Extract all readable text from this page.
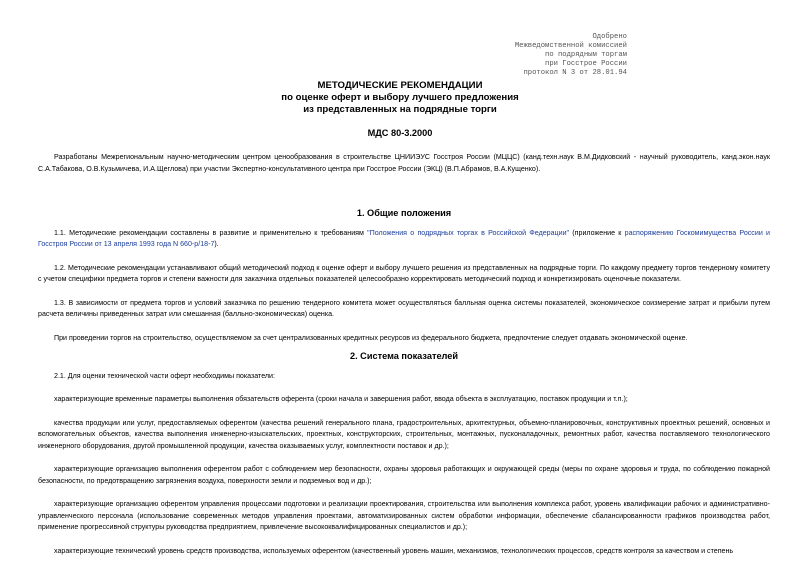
Одобрено
Межведомственной комиссией
по подрядным торгам
при Госстрое России
протокол N 3 от 28.01.94
МЕТОДИЧЕСКИЕ РЕКОМЕНДАЦИИ
по оценке оферт и выбору лучшего предложения
из представленных на подрядные торги
МДС 80-3.2000

Разработаны Межрегиональным научно-методическим центром ценообразования в строительстве ЦНИИЭУС Госстроя России (МЦЦС) (канд.техн.наук В.М.Дидковский - научный руководитель, канд.экон.наук С.А.Табакова, О.В.Кузьмичева, И.А.Щеглова) при участии Экспертно-консультативного центра при Госстрое России (ЭКЦ) (В.П.Абрамов, В.А.Кущенко).

1. Общие положения

1.1. Методические рекомендации составлены в развитие и применительно к требованиям "Положения о подрядных торгах в Российской Федерации" (приложение к распоряжению Госкомимущества России и Госстроя России от 13 апреля 1993 года N 660-р/18-7).

1.2. Методические рекомендации устанавливают общий методический подход к оценке оферт и выбору лучшего решения из представленных на подрядные торги. По каждому предмету торгов тендерному комитету с учетом специфики предмета торгов и степени важности для заказчика отдельных показателей целесообразно корректировать методический подход и конкретизировать оценочные показатели.

1.3. В зависимости от предмета торгов и условий заказчика по решению тендерного комитета может осуществляться балльная оценка системы показателей, экономическое соизмерение затрат и прибыли путем расчета величины приведенных затрат или смешанная (балльно-экономическая) оценка.

При проведении торгов на строительство, осуществляемом за счет централизованных кредитных ресурсов из федерального бюджета, предпочтение следует отдавать экономической оценке.

2. Система показателей

2.1. Для оценки технической части оферт необходимы показатели:

характеризующие временные параметры выполнения обязательств оферента (сроки начала и завершения работ, ввода объекта в эксплуатацию, поставок продукции и т.п.);

качества продукции или услуг, предоставляемых оферентом (качества решений генерального плана, градостроительных, архитектурных, объемно-планировочных, конструктивных проектных решений, основных и вспомогательных объектов, качества выполнения инженерно-изыскательских, проектных, конструкторских, строительных, монтажных, пусконаладочных, ремонтных работ, качества поставляемого технологического инженерного оборудования, другой промышленной продукции, качества оказываемых услуг, комплектности поставок и др.);

характеризующие организацию выполнения оферентом работ с соблюдением мер безопасности, охраны здоровья работающих и окружающей среды (меры по охране здоровья и труда, по соблюдению пожарной безопасности, по предотвращению загрязнения воздуха, поверхности земли и подземных вод и др.);

характеризующие организацию оферентом управления процессами подготовки и реализации проектирования, строительства или выполнения комплекса работ, уровень квалификации рабочих и административно-управленческого персонала (использование современных методов управления проектами, автоматизированных систем обработки информации, обеспечение сбалансированности графиков производства работ, применение прогрессивной структуры руководства предприятием, привлечение высококвалифицированных специалистов и др.);

характеризующие технический уровень средств производства, используемых оферентом (качественный уровень машин, механизмов, технологических процессов, средств контроля за качеством и степень
